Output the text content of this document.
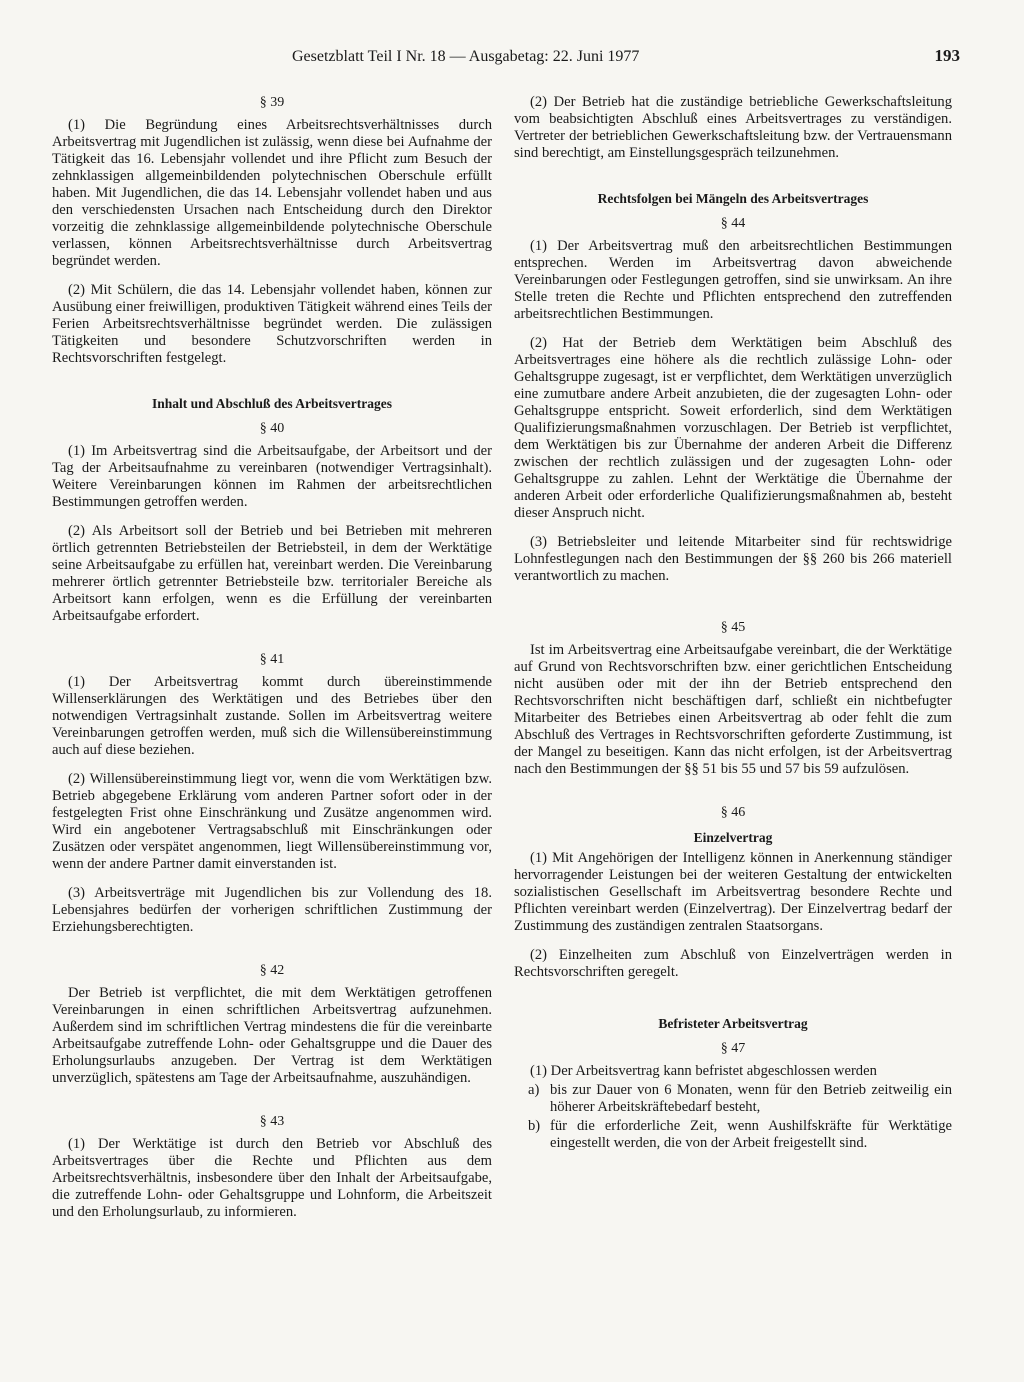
Gesetzblatt Teil I Nr. 18 — Ausgabetag: 22. Juni 1977	193
§ 39

(1) Die Begründung eines Arbeitsrechtsverhältnisses durch Arbeitsvertrag mit Jugendlichen ist zulässig, wenn diese bei Aufnahme der Tätigkeit das 16. Lebensjahr vollendet und ihre Pflicht zum Besuch der zehnklassigen allgemeinbildenden polytechnischen Oberschule erfüllt haben. Mit Jugendlichen, die das 14. Lebensjahr vollendet haben und aus den verschiedensten Ursachen nach Entscheidung durch den Direktor vorzeitig die zehnklassige allgemeinbildende polytechnische Oberschule verlassen, können Arbeitsrechtsverhältnisse durch Arbeitsvertrag begründet werden.

(2) Mit Schülern, die das 14. Lebensjahr vollendet haben, können zur Ausübung einer freiwilligen, produktiven Tätigkeit während eines Teils der Ferien Arbeitsrechtsverhältnisse begründet werden. Die zulässigen Tätigkeiten und besondere Schutzvorschriften werden in Rechtsvorschriften festgelegt.

Inhalt und Abschluß des Arbeitsvertrages
§ 40

(1) Im Arbeitsvertrag sind die Arbeitsaufgabe, der Arbeitsort und der Tag der Arbeitsaufnahme zu vereinbaren (notwendiger Vertragsinhalt). Weitere Vereinbarungen können im Rahmen der arbeitsrechtlichen Bestimmungen getroffen werden.

(2) Als Arbeitsort soll der Betrieb und bei Betrieben mit mehreren örtlich getrennten Betriebsteilen der Betriebsteil, in dem der Werktätige seine Arbeitsaufgabe zu erfüllen hat, vereinbart werden. Die Vereinbarung mehrerer örtlich getrennter Betriebsteile bzw. territorialer Bereiche als Arbeitsort kann erfolgen, wenn es die Erfüllung der vereinbarten Arbeitsaufgabe erfordert.

§ 41

(1) Der Arbeitsvertrag kommt durch übereinstimmende Willenserklärungen des Werktätigen und des Betriebes über den notwendigen Vertragsinhalt zustande. Sollen im Arbeitsvertrag weitere Vereinbarungen getroffen werden, muß sich die Willensübereinstimmung auch auf diese beziehen.

(2) Willensübereinstimmung liegt vor, wenn die vom Werktätigen bzw. Betrieb abgegebene Erklärung vom anderen Partner sofort oder in der festgelegten Frist ohne Einschränkung und Zusätze angenommen wird. Wird ein angebotener Vertragsabschluß mit Einschränkungen oder Zusätzen oder verspätet angenommen, liegt Willensübereinstimmung vor, wenn der andere Partner damit einverstanden ist.

(3) Arbeitsverträge mit Jugendlichen bis zur Vollendung des 18. Lebensjahres bedürfen der vorherigen schriftlichen Zustimmung der Erziehungsberechtigten.

§ 42

Der Betrieb ist verpflichtet, die mit dem Werktätigen getroffenen Vereinbarungen in einen schriftlichen Arbeitsvertrag aufzunehmen. Außerdem sind im schriftlichen Vertrag mindestens die für die vereinbarte Arbeitsaufgabe zutreffende Lohn- oder Gehaltsgruppe und die Dauer des Erholungsurlaubs anzugeben. Der Vertrag ist dem Werktätigen unverzüglich, spätestens am Tage der Arbeitsaufnahme, auszuhändigen.

§ 43

(1) Der Werktätige ist durch den Betrieb vor Abschluß des Arbeitsvertrages über die Rechte und Pflichten aus dem Arbeitsrechtsverhältnis, insbesondere über den Inhalt der Arbeitsaufgabe, die zutreffende Lohn- oder Gehaltsgruppe und Lohnform, die Arbeitszeit und den Erholungsurlaub, zu informieren.

(2) Der Betrieb hat die zuständige betriebliche Gewerkschaftsleitung vom beabsichtigten Abschluß eines Arbeitsvertrages zu verständigen. Vertreter der betrieblichen Gewerkschaftsleitung bzw. der Vertrauensmann sind berechtigt, am Einstellungsgespräch teilzunehmen.

Rechtsfolgen bei Mängeln des Arbeitsvertrages
§ 44

(1) Der Arbeitsvertrag muß den arbeitsrechtlichen Bestimmungen entsprechen. Werden im Arbeitsvertrag davon abweichende Vereinbarungen oder Festlegungen getroffen, sind sie unwirksam. An ihre Stelle treten die Rechte und Pflichten entsprechend den zutreffenden arbeitsrechtlichen Bestimmungen.

(2) Hat der Betrieb dem Werktätigen beim Abschluß des Arbeitsvertrages eine höhere als die rechtlich zulässige Lohn- oder Gehaltsgruppe zugesagt, ist er verpflichtet, dem Werktätigen unverzüglich eine zumutbare andere Arbeit anzubieten, die der zugesagten Lohn- oder Gehaltsgruppe entspricht. Soweit erforderlich, sind dem Werktätigen Qualifizierungsmaßnahmen vorzuschlagen. Der Betrieb ist verpflichtet, dem Werktätigen bis zur Übernahme der anderen Arbeit die Differenz zwischen der rechtlich zulässigen und der zugesagten Lohn- oder Gehaltsgruppe zu zahlen. Lehnt der Werktätige die Übernahme der anderen Arbeit oder erforderliche Qualifizierungsmaßnahmen ab, besteht dieser Anspruch nicht.

(3) Betriebsleiter und leitende Mitarbeiter sind für rechtswidrige Lohnfestlegungen nach den Bestimmungen der §§ 260 bis 266 materiell verantwortlich zu machen.

§ 45

Ist im Arbeitsvertrag eine Arbeitsaufgabe vereinbart, die der Werktätige auf Grund von Rechtsvorschriften bzw. einer gerichtlichen Entscheidung nicht ausüben oder mit der ihn der Betrieb entsprechend den Rechtsvorschriften nicht beschäftigen darf, schließt ein nichtbefugter Mitarbeiter des Betriebes einen Arbeitsvertrag ab oder fehlt die zum Abschluß des Vertrages in Rechtsvorschriften geforderte Zustimmung, ist der Mangel zu beseitigen. Kann das nicht erfolgen, ist der Arbeitsvertrag nach den Bestimmungen der §§ 51 bis 55 und 57 bis 59 aufzulösen.

§ 46
Einzelvertrag

(1) Mit Angehörigen der Intelligenz können in Anerkennung ständiger hervorragender Leistungen bei der weiteren Gestaltung der entwickelten sozialistischen Gesellschaft im Arbeitsvertrag besondere Rechte und Pflichten vereinbart werden (Einzelvertrag). Der Einzelvertrag bedarf der Zustimmung des zuständigen zentralen Staatsorgans.

(2) Einzelheiten zum Abschluß von Einzelverträgen werden in Rechtsvorschriften geregelt.

Befristeter Arbeitsvertrag
§ 47

(1) Der Arbeitsvertrag kann befristet abgeschlossen werden

a) bis zur Dauer von 6 Monaten, wenn für den Betrieb zeitweilig ein höherer Arbeitskräftebedarf besteht,
b) für die erforderliche Zeit, wenn Aushilfskräfte für Werktätige eingestellt werden, die von der Arbeit freigestellt sind.
